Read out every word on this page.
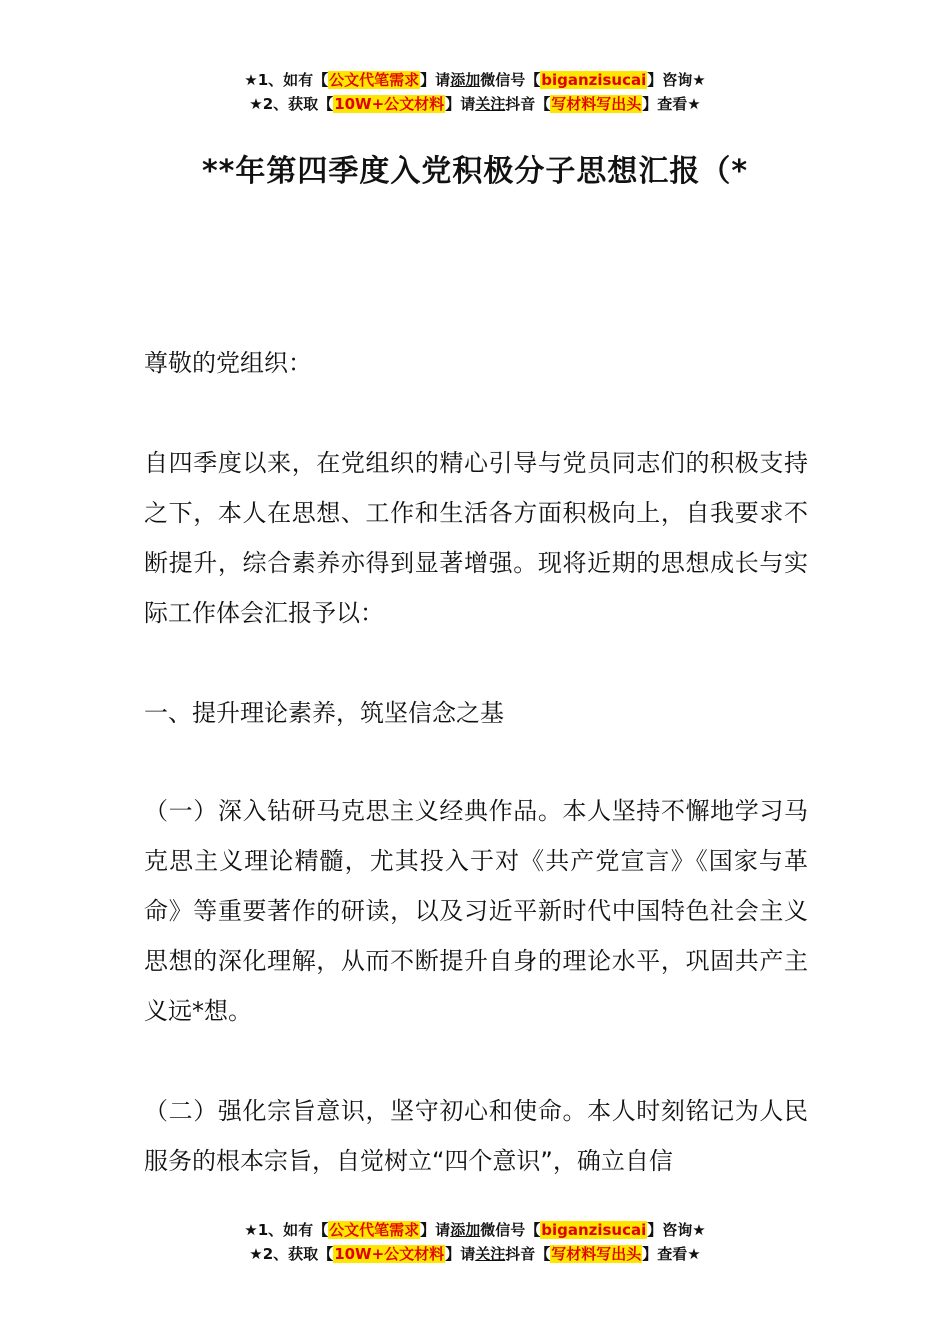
★1、如有【公文代笔需求】请添加微信号【biganzisucai】咨询★
★2、获取【10W+公文材料】请关注抖音【写材料写出头】查看★
**年第四季度入党积极分子思想汇报（*

尊敬的党组织：

自四季度以来，在党组织的精心引导与党员同志们的积极支持之下，本人在思想、工作和生活各方面积极向上，自我要求不断提升，综合素养亦得到显著增强。现将近期的思想成长与实际工作体会汇报予以：

一、提升理论素养，筑坚信念之基

（一）深入钻研马克思主义经典作品。本人坚持不懈地学习马克思主义理论精髓，尤其投入于对《共产党宣言》《国家与革命》等重要著作的研读，以及习近平新时代中国特色社会主义思想的深化理解，从而不断提升自身的理论水平，巩固共产主义远*想。

（二）强化宗旨意识，坚守初心和使命。本人时刻铭记为人民服务的根本宗旨，自觉树立“四个意识”，确立自信

★1、如有【公文代笔需求】请添加微信号【biganzisucai】咨询★
★2、获取【10W+公文材料】请关注抖音【写材料写出头】查看★
